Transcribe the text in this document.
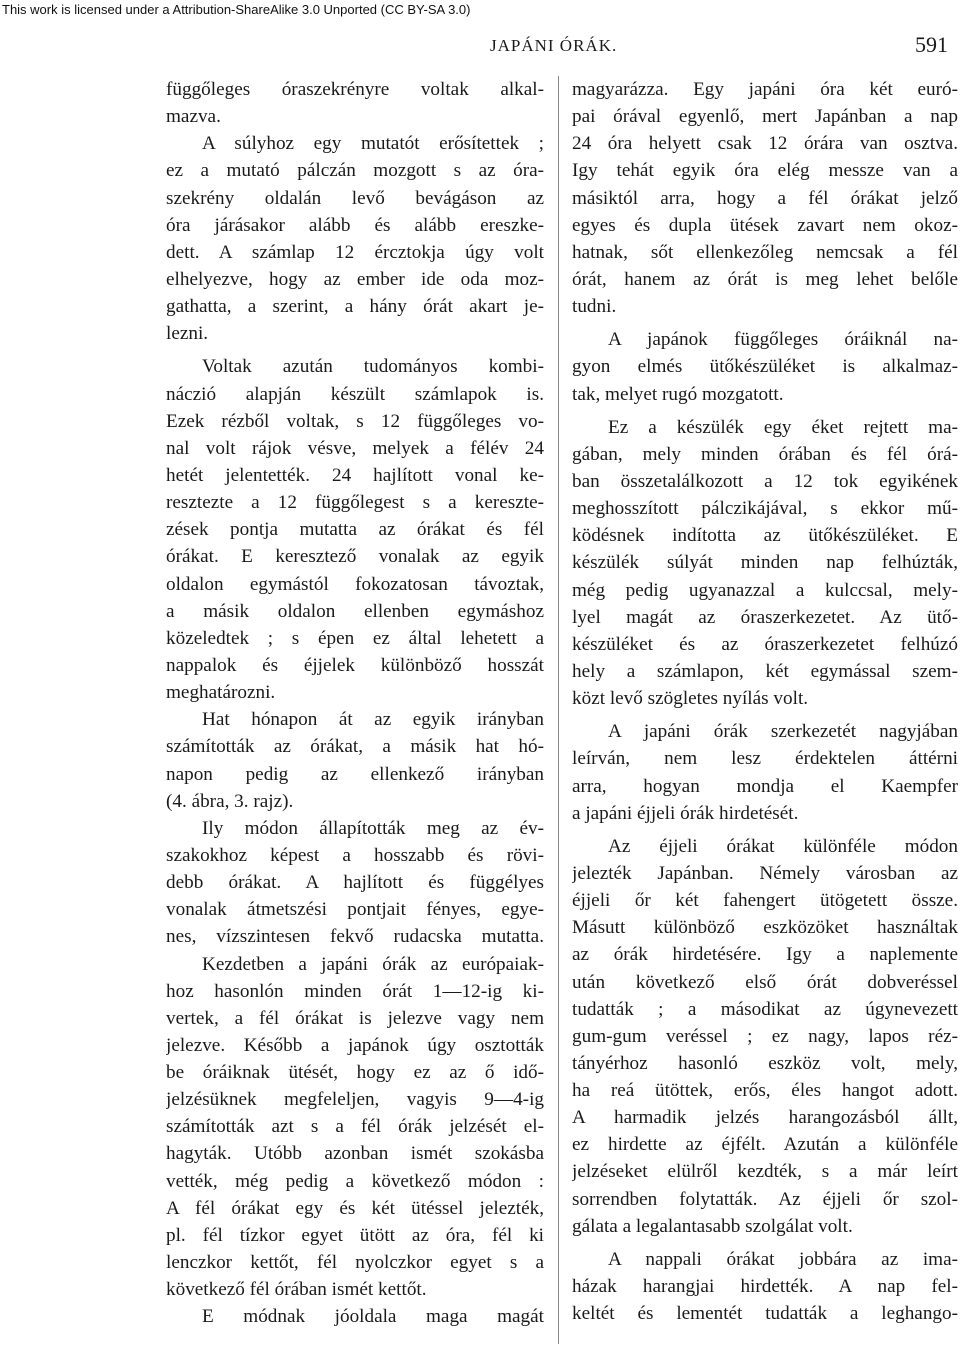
This work is licensed under a Attribution-ShareAlike 3.0 Unported (CC BY-SA 3.0)
JAPÁNI ÓRÁK.	591
függőleges óraszekrényre voltak alkal-
mazva.
A súlyhoz egy mutatót erősítettek ;
ez a mutató pálczán mozgott s az óra-
szekrény oldalán levő bevágáson az
óra járásakor alább és alább ereszke-
dett. A számlap 12 ércztokja úgy volt
elhelyezve, hogy az ember ide oda moz-
gathatta, a szerint, a hány órát akart je-
lezni.
Voltak azután tudományos kombi-
náczió alapján készült számlapok is.
Ezek rézből voltak, s 12 függőleges vo-
nal volt rájok vésve, melyek a félév 24
hetét jelentették. 24 hajlított vonal ke-
resztezte a 12 függőlegest s a kereszte-
zések pontja mutatta az órákat és fél
órákat. E keresztező vonalak az egyik
oldalon egymástól fokozatosan távoztak,
a másik oldalon ellenben egymáshoz
közeledtek ; s épen ez által lehetett a
nappalok és éjjelek különböző hosszát
meghatározni.
Hat hónapon át az egyik irányban
számították az órákat, a másik hat hó-
napon pedig az ellenkező irányban
(4. ábra, 3. rajz).
Ily módon állapították meg az év-
szakokhoz képest a hosszabb és rövi-
debb órákat. A hajlított és függélyes
vonalak átmetszési pontjait fényes, egye-
nes, vízszintesen fekvő rudacska mutatta.
Kezdetben a japáni órák az európaiak-
hoz hasonlón minden órát 1—12-ig ki-
vertek, a fél órákat is jelezve vagy nem
jelezve. Később a japánok úgy osztották
be óráiknak ütését, hogy ez az ő idő-
jelzésüknek megfeleljen, vagyis 9—4-ig
számították azt s a fél órák jelzését el-
hagyták. Utóbb azonban ismét szokásba
vették, még pedig a következő módon :
A fél órákat egy és két ütéssel jelezték,
pl. fél tízkor egyet ütött az óra, fél ki
lenczkor kettőt, fél nyolczkor egyet s a
következő fél órában ismét kettőt.
E módnak jóoldala maga magát
magyarázza. Egy japáni óra két euró-
pai órával egyenlő, mert Japánban a nap
24 óra helyett csak 12 órára van osztva.
Igy tehát egyik óra elég messze van a
másiktól arra, hogy a fél órákat jelző
egyes és dupla ütések zavart nem okoz-
hatnak, sőt ellenkezőleg nemcsak a fél
órát, hanem az órát is meg lehet belőle
tudni.
A japánok függőleges óráiknál na-
gyon elmés ütőkészüléket is alkalmaz-
tak, melyet rugó mozgatott.
Ez a készülék egy éket rejtett ma-
gában, mely minden órában és fél órá-
ban összetalálkozott a 12 tok egyikének
meghosszított pálczikájával, s ekkor mű-
ködésnek indította az ütőkészüléket. E
készülék súlyát minden nap felhúzták,
még pedig ugyanazzal a kulccsal, mely-
lyel magát az óraszerkezetet. Az ütő-
készüléket és az óraszerkezetet felhúzó
hely a számlapon, két egymással szem-
közt levő szögletes nyílás volt.
A japáni órák szerkezetét nagyjában
leírván, nem lesz érdektelen áttérni
arra, hogyan mondja el Kaempfer
a japáni éjjeli órák hirdetését.
Az éjjeli órákat különféle módon
jelezték Japánban. Némely városban az
éjjeli őr két fahengert ütögetett össze.
Másutt különböző eszközöket használtak
az órák hirdetésére. Igy a naplemente
után következő első órát dobveréssel
tudatták ; a másodikat az úgynevezett
gum-gum veréssel ; ez nagy, lapos réz-
tányérhoz hasonló eszköz volt, mely,
ha reá ütöttek, erős, éles hangot adott.
A harmadik jelzés harangozásból állt,
ez hirdette az éjfélt. Azután a különféle
jelzéseket elülről kezdték, s a már leírt
sorrendben folytatták. Az éjjeli őr szol-
gálata a legalantasabb szolgálat volt.
A nappali órákat jobbára az ima-
házak harangjai hirdették. A nap fel-
keltét és lementét tudatták a leghango-
